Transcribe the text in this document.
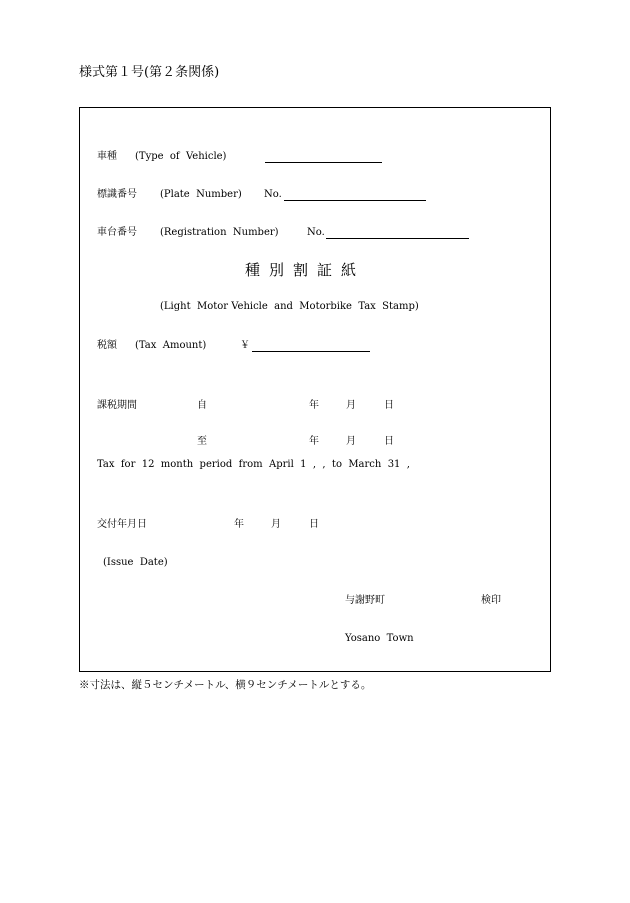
様式第１号(第２条関係)
車種 (Type  of  Vehicle)
標識番号 (Plate  Number) No.
車台番号 (Registration  Number)	No.
種別割証紙
(Light  Motor Vehicle  and  Motorbike  Tax  Stamp)
税額 (Tax  Amount)	￥
課税期間	自	年	月	日
至	年	月	日
Tax  for  12  month  period  from  April  1  ,  ,  to  March  31  ,
交付年月日	年	月	日
(Issue  Date)
与謝野町	検印
Yosano  Town
※寸法は、縦５センチメートル、横９センチメートルとする。
